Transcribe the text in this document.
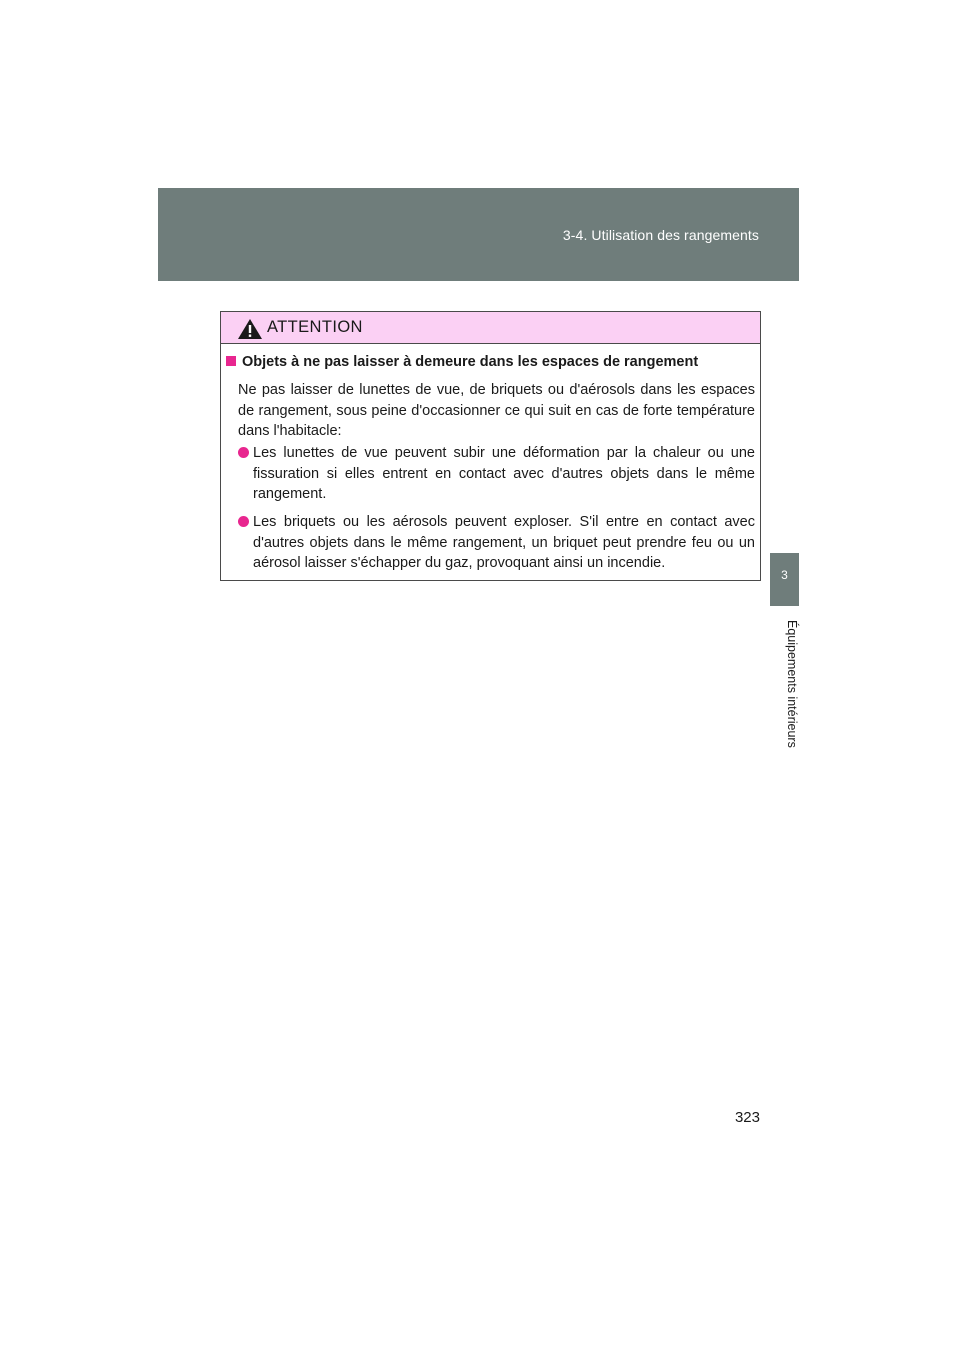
3-4. Utilisation des rangements
3
Équipements intérieurs
ATTENTION
Objets à ne pas laisser à demeure dans les espaces de rangement
Ne pas laisser de lunettes de vue, de briquets ou d'aérosols dans les espaces de rangement, sous peine d'occasionner ce qui suit en cas de forte température dans l'habitacle:
Les lunettes de vue peuvent subir une déformation par la chaleur ou une fissuration si elles entrent en contact avec d'autres objets dans le même rangement.
Les briquets ou les aérosols peuvent exploser. S'il entre en contact avec d'autres objets dans le même rangement, un briquet peut prendre feu ou un aérosol laisser s'échapper du gaz, provoquant ainsi un incendie.
323
